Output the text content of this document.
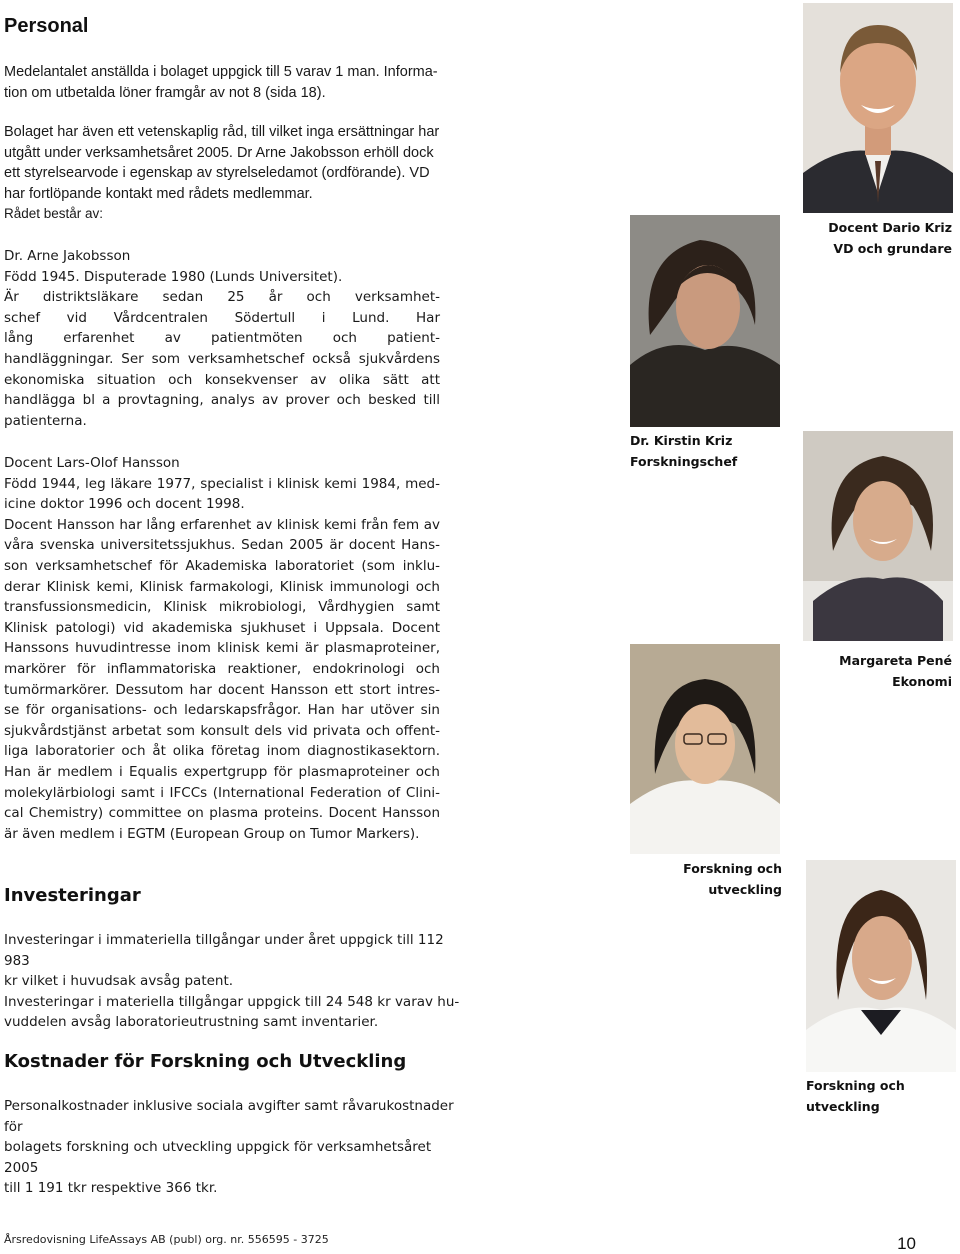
Personal

Medelantalet anställda i bolaget uppgick till 5 varav 1 man. Informa-

tion om utbetalda löner framgår av not 8 (sida 18).

Bolaget har även ett vetenskaplig råd, till vilket inga ersättningar har

utgått under verksamhetsåret 2005. Dr Arne Jakobsson erhöll dock

ett styrelsearvode i egenskap av styrelseledamot (ordförande). VD

har fortlöpande kontakt med rådets medlemmar.

Rådet består av:

Dr. Arne Jakobsson

Född 1945. Disputerade 1980 (Lunds Universitet).

Är distriktsläkare sedan 25 år och verksamhet-

schef vid Vårdcentralen Södertull i Lund. Har

lång erfarenhet av patientmöten och patient-

handläggningar. Ser som verksamhetschef också sjukvårdens

ekonomiska situation och konsekvenser av olika sätt att

handlägga bl a provtagning, analys av prover och besked till

patienterna.

Docent Lars-Olof Hansson

Född 1944, leg läkare 1977, specialist i klinisk kemi 1984, med-

icine doktor 1996 och docent 1998.

Docent Hansson har lång erfarenhet av klinisk kemi från fem av

våra svenska universitetssjukhus. Sedan 2005 är docent Hans-

son verksamhetschef för Akademiska laboratoriet (som inklu-

derar Klinisk kemi, Klinisk farmakologi, Klinisk immunologi och

transfussionsmedicin, Klinisk mikrobiologi, Vårdhygien samt

Klinisk patologi) vid akademiska sjukhuset i Uppsala. Docent

Hanssons huvudintresse inom klinisk kemi är plasmaproteiner,

markörer för inflammatoriska reaktioner, endokrinologi och

tumörmarkörer. Dessutom har docent Hansson ett stort intres-

se för organisations- och ledarskapsfrågor. Han har utöver sin

sjukvårdstjänst arbetat som konsult dels vid privata och offent-

liga laboratorier och åt olika företag inom diagnostikasektorn.

Han är medlem i Equalis expertgrupp för plasmaproteiner och

molekylärbiologi samt i IFCCs (International Federation of Clini-

cal Chemistry) committee on plasma proteins. Docent Hansson

är även medlem i EGTM (European Group on Tumor Markers).

Investeringar

Investeringar i immateriella tillgångar under året uppgick till 112 983

kr vilket i huvudsak avsåg patent.

Investeringar i materiella tillgångar uppgick till 24 548 kr varav hu-

vuddelen avsåg laboratorieutrustning samt inventarier.

Kostnader för Forskning och Utveckling

Personalkostnader inklusive sociala avgifter samt råvarukostnader för

bolagets forskning och utveckling uppgick för verksamhetsåret 2005

till 1 191 tkr respektive 366 tkr.

Docent Dario Kriz

VD och grundare

Dr. Kirstin Kriz

Forskningschef

Margareta Pené

Ekonomi

Forskning och

utveckling

Forskning och

utveckling

Årsredovisning LifeAssays AB (publ) org. nr. 556595 - 3725	10
